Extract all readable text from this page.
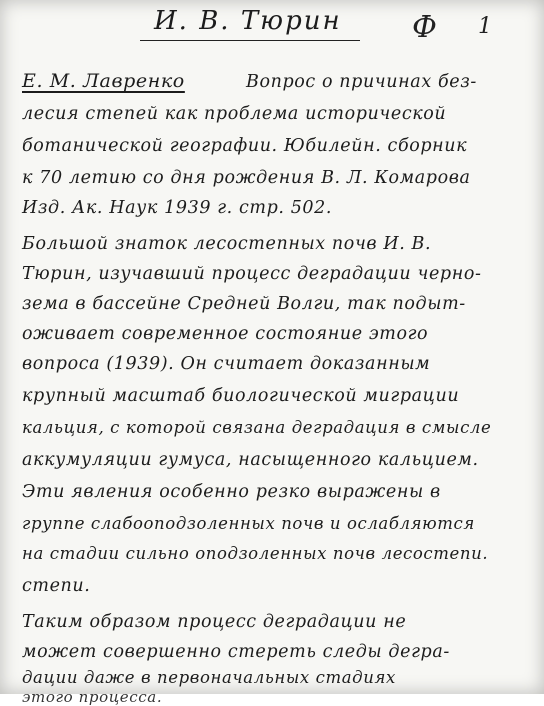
И. В. Тюрин	Ф 1
Е. М. Лавренко	Вопрос о причинах без-
лесия степей как проблема исторической
ботанической географии. Юбилейн. сборник
к 70 летию со дня рождения В. Л. Комарова
Изд. Ак. Наук 1939 г. стр. 502.
Большой знаток лесостепных почв И. В.
Тюрин, изучавший процесс деградации черно-
зема в бассейне Средней Волги, так подыт-
оживает современное состояние этого
вопроса (1939). Он считает доказанным
крупный масштаб биологической миграции
кальция, с которой связана деградация в смысле
аккумуляции гумуса, насыщенного кальцием.
Эти явления особенно резко выражены в
группе слабооподзоленных почв и ослабляются
на стадии сильно оподзоленных почв лесостепи.
степи.
Таким образом процесс деградации не
может совершенно стереть следы дегра-
дации даже в первоначальных стадиях
этого процесса.
